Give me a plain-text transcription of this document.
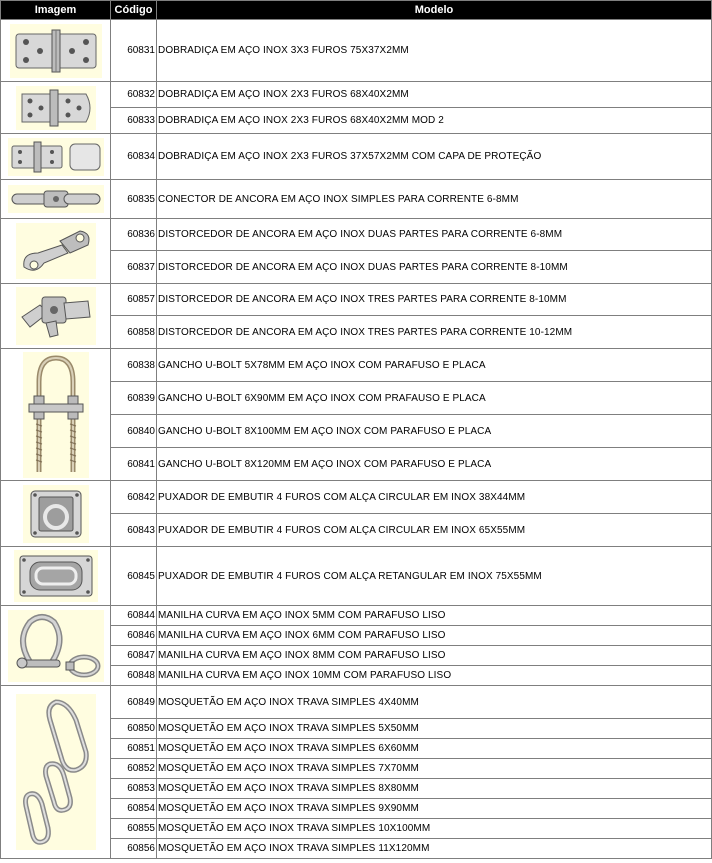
Imagem	Código	Modelo

	60831	DOBRADIÇA EM AÇO INOX 3X3 FUROS 75X37X2MM

	60832	DOBRADIÇA EM AÇO INOX 2X3 FUROS 68X40X2MM
	60833	DOBRADIÇA EM AÇO INOX 2X3 FUROS 68X40X2MM MOD 2

	60834	DOBRADIÇA EM AÇO INOX 2X3 FUROS 37X57X2MM COM CAPA DE PROTEÇÃO

	60835	CONECTOR DE ANCORA EM AÇO INOX SIMPLES PARA CORRENTE 6-8MM

	60836	DISTORCEDOR DE ANCORA EM AÇO INOX DUAS PARTES PARA CORRENTE 6-8MM
	60837	DISTORCEDOR DE ANCORA EM AÇO INOX DUAS PARTES PARA CORRENTE 8-10MM

	60857	DISTORCEDOR DE ANCORA EM AÇO INOX TRES PARTES PARA CORRENTE 8-10MM
	60858	DISTORCEDOR DE ANCORA EM AÇO INOX TRES PARTES PARA CORRENTE 10-12MM

	60838	GANCHO U-BOLT 5X78MM EM AÇO INOX COM PARAFUSO E PLACA
	60839	GANCHO U-BOLT 6X90MM EM AÇO INOX COM PRAFAUSO E PLACA
	60840	GANCHO U-BOLT 8X100MM EM AÇO INOX COM PARAFUSO E PLACA
	60841	GANCHO U-BOLT 8X120MM EM AÇO INOX COM PARAFUSO E PLACA

	60842	PUXADOR DE EMBUTIR 4 FUROS COM ALÇA CIRCULAR EM INOX 38X44MM
	60843	PUXADOR DE EMBUTIR 4 FUROS COM ALÇA CIRCULAR EM INOX 65X55MM

	60845	PUXADOR DE EMBUTIR 4 FUROS COM ALÇA RETANGULAR EM INOX 75X55MM

	60844	MANILHA CURVA EM AÇO INOX 5MM COM PARAFUSO LISO
	60846	MANILHA CURVA EM AÇO INOX 6MM COM PARAFUSO LISO
	60847	MANILHA CURVA EM AÇO INOX 8MM COM PARAFUSO LISO
	60848	MANILHA CURVA EM AÇO INOX 10MM COM PARAFUSO LISO

	60849	MOSQUETÃO EM AÇO INOX TRAVA SIMPLES 4X40MM
	60850	MOSQUETÃO EM AÇO INOX TRAVA SIMPLES 5X50MM
	60851	MOSQUETÃO EM AÇO INOX TRAVA SIMPLES 6X60MM
	60852	MOSQUETÃO EM AÇO INOX TRAVA SIMPLES 7X70MM
	60853	MOSQUETÃO EM AÇO INOX TRAVA SIMPLES 8X80MM
	60854	MOSQUETÃO EM AÇO INOX TRAVA SIMPLES 9X90MM
	60855	MOSQUETÃO EM AÇO INOX TRAVA SIMPLES 10X100MM
	60856	MOSQUETÃO EM AÇO INOX TRAVA SIMPLES 11X120MM
